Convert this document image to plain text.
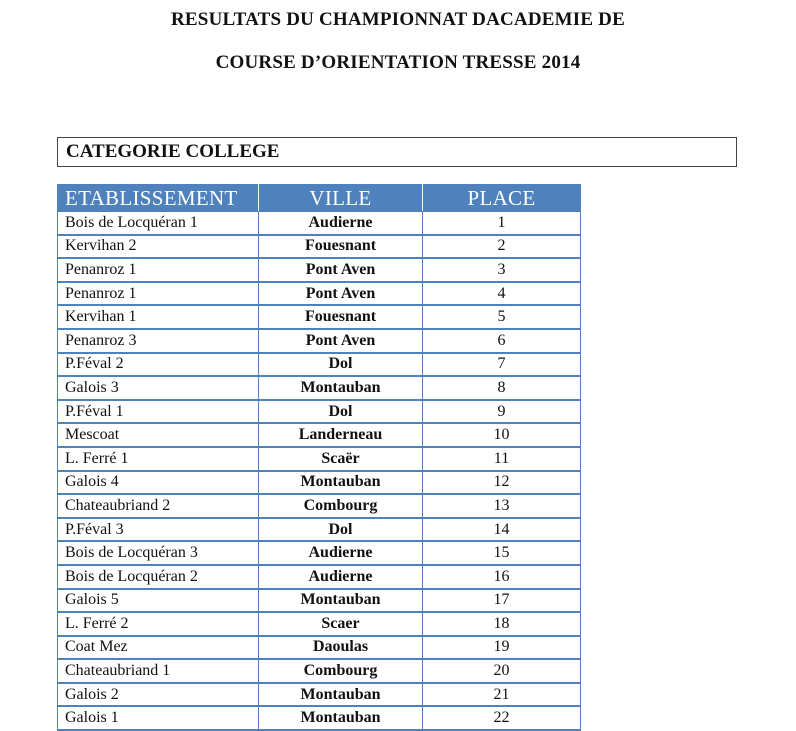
RESULTATS DU CHAMPIONNAT DACADEMIE DE
COURSE D’ORIENTATION TRESSE 2014
CATEGORIE COLLEGE
ETABLISSEMENT	VILLE	PLACE
Bois de Locquéran 1	Audierne	1
Kervihan 2	Fouesnant	2
Penanroz 1	Pont Aven	3
Penanroz 1	Pont Aven	4
Kervihan 1	Fouesnant	5
Penanroz 3	Pont Aven	6
P.Féval 2	Dol	7
Galois 3	Montauban	8
P.Féval 1	Dol	9
Mescoat	Landerneau	10
L. Ferré 1	Scaër	11
Galois 4	Montauban	12
Chateaubriand 2	Combourg	13
P.Féval 3	Dol	14
Bois de Locquéran 3	Audierne	15
Bois de Locquéran 2	Audierne	16
Galois 5	Montauban	17
L. Ferré 2	Scaer	18
Coat Mez	Daoulas	19
Chateaubriand 1	Combourg	20
Galois 2	Montauban	21
Galois 1	Montauban	22
